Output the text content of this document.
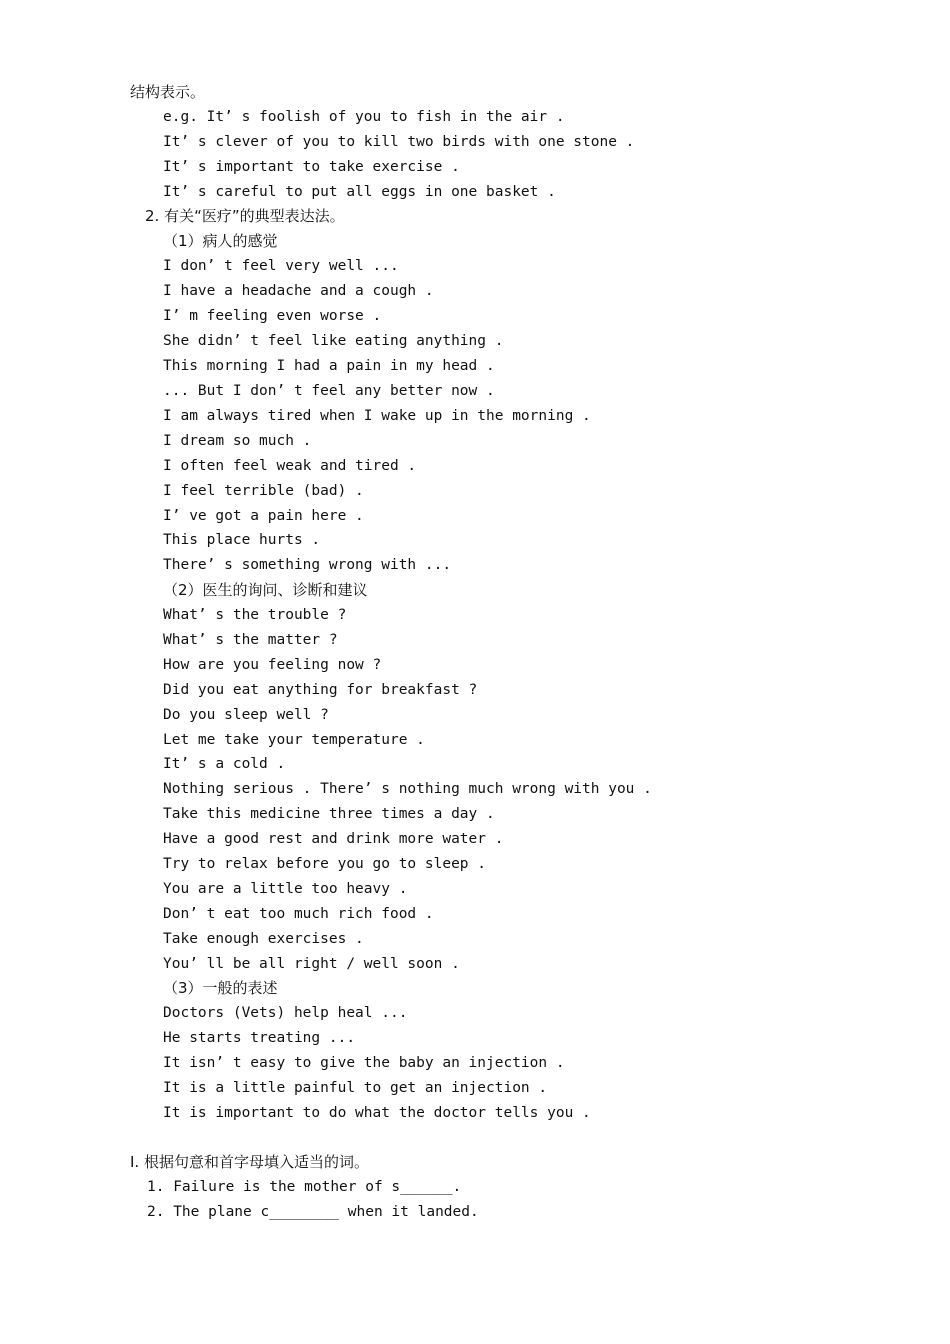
结构表示。
e.g. It’ s foolish of you to fish in the air .
It’ s clever of you to kill two birds with one stone .
It’ s important to take exercise .
It’ s careful to put all eggs in one basket .
2. 有关“医疗”的典型表达法。
（1）病人的感觉
I don’ t feel very well ...
I have a headache and a cough .
I’ m feeling even worse .
She didn’ t feel like eating anything .
This morning I had a pain in my head .
... But I don’ t feel any better now .
I am always tired when I wake up in the morning .
I dream so much .
I often feel weak and tired .
I feel terrible (bad) .
I’ ve got a pain here .
This place hurts .
There’ s something wrong with ...
（2）医生的询问、诊断和建议
What’ s the trouble ?
What’ s the matter ?
How are you feeling now ?
Did you eat anything for breakfast ?
Do you sleep well ?
Let me take your temperature .
It’ s a cold .
Nothing serious . There’ s nothing much wrong with you .
Take this medicine three times a day .
Have a good rest and drink more water .
Try to relax before you go to sleep .
You are a little too heavy .
Don’ t eat too much rich food .
Take enough exercises .
You’ ll be all right / well soon .
（3）一般的表述
Doctors (Vets) help heal ...
He starts treating ...
It isn’ t easy to give the baby an injection .
It is a little painful to get an injection .
It is important to do what the doctor tells you .
I. 根据句意和首字母填入适当的词。
1. Failure is the mother of s______.
2. The plane c________ when it landed.
